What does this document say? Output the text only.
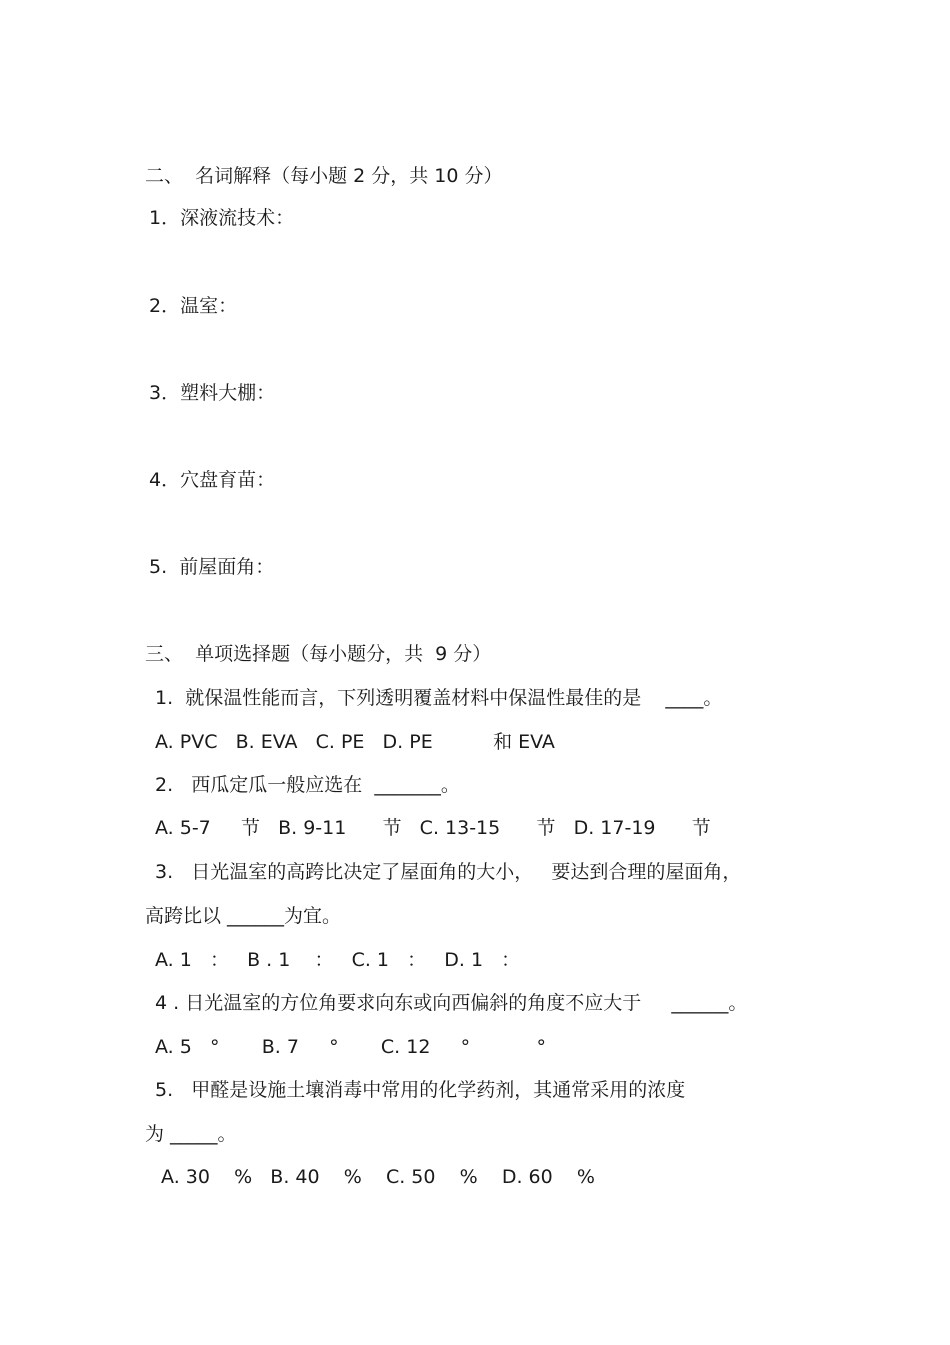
二、  名词解释（每小题 2 分，共 10 分）
1．深液流技术：
2．温室：
3．塑料大棚：
4．穴盘育苗：
5.  前屋面角：
三、  单项选择题（每小题分，共  9 分）
1.  就保温性能而言，下列透明覆盖材料中保温性最佳的是    ____。
A. PVC   B. EVA   C. PE   D. PE          和 EVA
2.   西瓜定瓜一般应选在  _______。
A. 5-7     节   B. 9-11      节   C. 13-15      节   D. 17-19      节
3.   日光温室的高跨比决定了屋面角的大小，   要达到合理的屋面角，
高跨比以 ______为宜。
A. 1   ：   B . 1    ：   C. 1   ：   D. 1   ：
4 . 日光温室的方位角要求向东或向西偏斜的角度不应大于     ______。
A. 5   °       B. 7     °       C. 12     °           °
5.   甲醛是设施土壤消毒中常用的化学药剂，其通常采用的浓度
为 _____。
A. 30    %   B. 40    %    C. 50    %    D. 60    %
